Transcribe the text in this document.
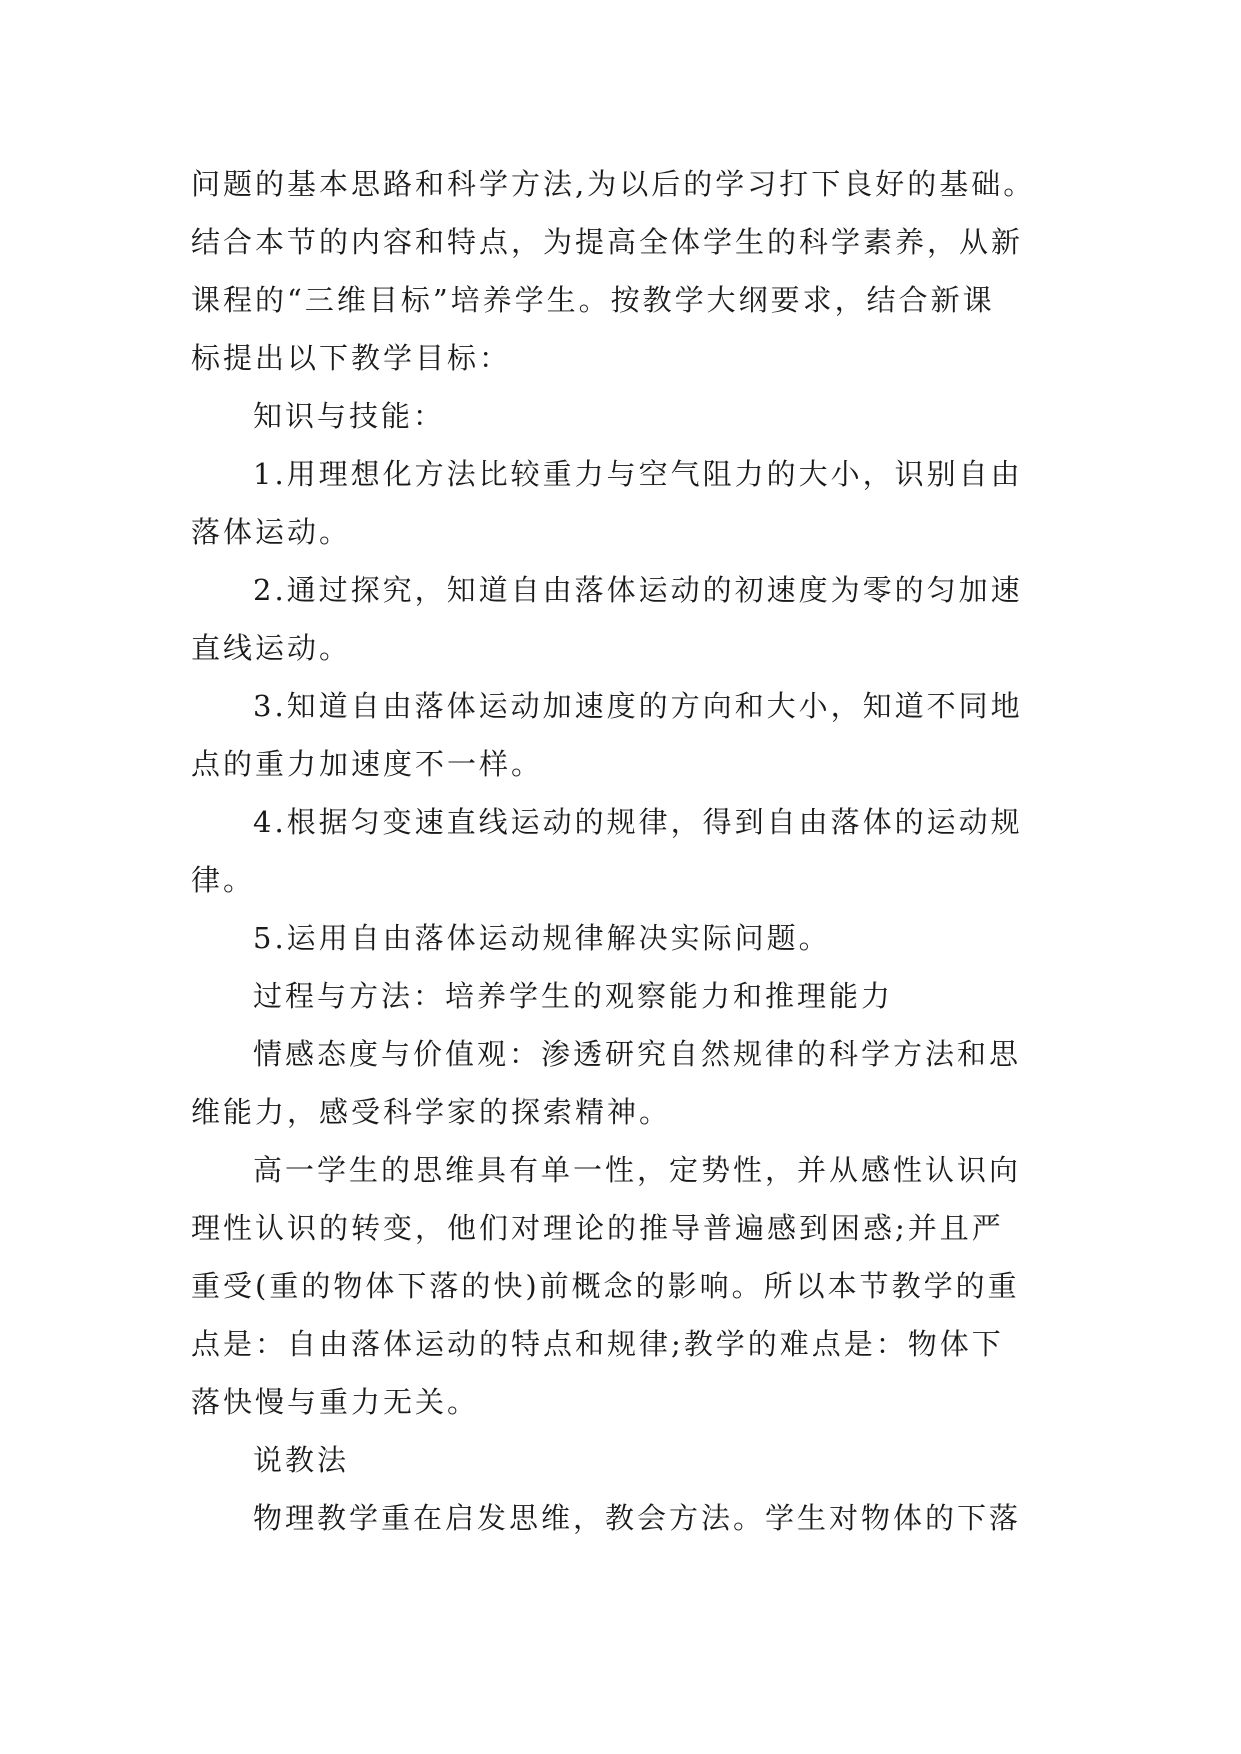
问题的基本思路和科学方法,为以后的学习打下良好的基础。

结合本节的内容和特点，为提高全体学生的科学素养，从新

课程的“三维目标”培养学生。按教学大纲要求，结合新课

标提出以下教学目标：

知识与技能：

1.用理想化方法比较重力与空气阻力的大小，识别自由

落体运动。

2.通过探究，知道自由落体运动的初速度为零的匀加速

直线运动。

3.知道自由落体运动加速度的方向和大小，知道不同地

点的重力加速度不一样。

4.根据匀变速直线运动的规律，得到自由落体的运动规

律。

5.运用自由落体运动规律解决实际问题。

过程与方法：培养学生的观察能力和推理能力

情感态度与价值观：渗透研究自然规律的科学方法和思

维能力，感受科学家的探索精神。

高一学生的思维具有单一性，定势性，并从感性认识向

理性认识的转变，他们对理论的推导普遍感到困惑;并且严

重受(重的物体下落的快)前概念的影响。所以本节教学的重

点是：自由落体运动的特点和规律;教学的难点是：物体下

落快慢与重力无关。

说教法

物理教学重在启发思维，教会方法。学生对物体的下落
